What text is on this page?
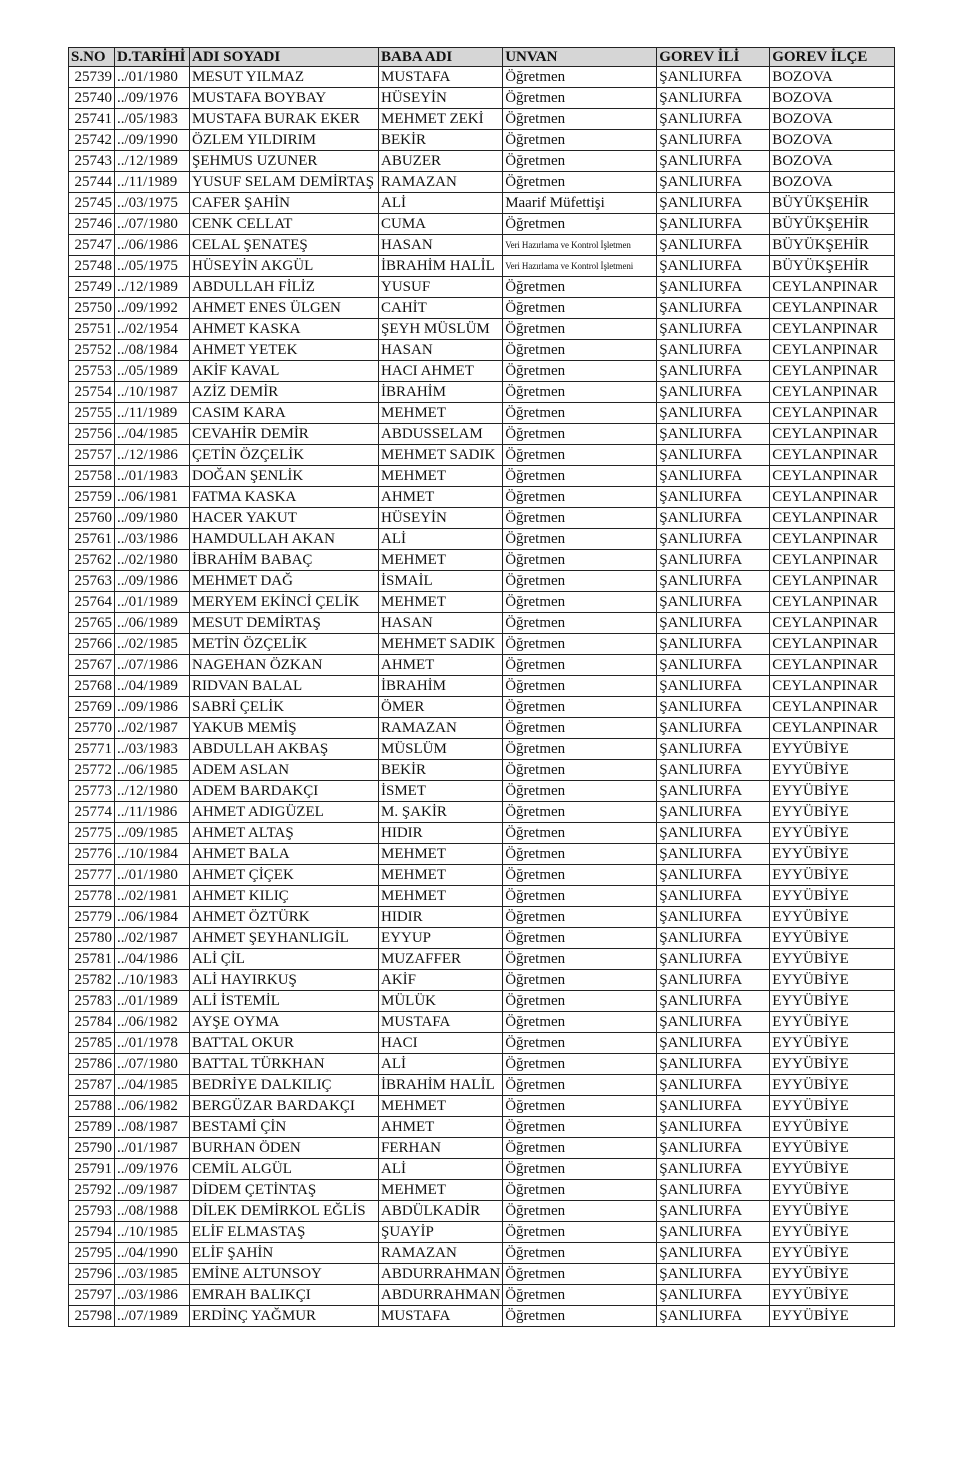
S.NO	D.TARİHİ	ADI SOYADI	BABA ADI	UNVAN	GOREV İLİ	GOREV İLÇE
25739	../01/1980	MESUT YILMAZ	MUSTAFA	Öğretmen	ŞANLIURFA	BOZOVA
25740	../09/1976	MUSTAFA BOYBAY	HÜSEYİN	Öğretmen	ŞANLIURFA	BOZOVA
25741	../05/1983	MUSTAFA BURAK EKER	MEHMET ZEKİ	Öğretmen	ŞANLIURFA	BOZOVA
25742	../09/1990	ÖZLEM YILDIRIM	BEKİR	Öğretmen	ŞANLIURFA	BOZOVA
25743	../12/1989	ŞEHMUS UZUNER	ABUZER	Öğretmen	ŞANLIURFA	BOZOVA
25744	../11/1989	YUSUF SELAM DEMİRTAŞ	RAMAZAN	Öğretmen	ŞANLIURFA	BOZOVA
25745	../03/1975	CAFER ŞAHİN	ALİ	Maarif Müfettişi	ŞANLIURFA	BÜYÜKŞEHİR
25746	../07/1980	CENK CELLAT	CUMA	Öğretmen	ŞANLIURFA	BÜYÜKŞEHİR
25747	../06/1986	CELAL ŞENATEŞ	HASAN	Veri Hazırlama ve Kontrol İşletmen	ŞANLIURFA	BÜYÜKŞEHİR
25748	../05/1975	HÜSEYİN AKGÜL	İBRAHİM HALİL	Veri Hazırlama ve Kontrol İşletmeni	ŞANLIURFA	BÜYÜKŞEHİR
25749	../12/1989	ABDULLAH FİLİZ	YUSUF	Öğretmen	ŞANLIURFA	CEYLANPINAR
25750	../09/1992	AHMET ENES ÜLGEN	CAHİT	Öğretmen	ŞANLIURFA	CEYLANPINAR
25751	../02/1954	AHMET KASKA	ŞEYH MÜSLÜM	Öğretmen	ŞANLIURFA	CEYLANPINAR
25752	../08/1984	AHMET YETEK	HASAN	Öğretmen	ŞANLIURFA	CEYLANPINAR
25753	../05/1989	AKİF KAVAL	HACI AHMET	Öğretmen	ŞANLIURFA	CEYLANPINAR
25754	../10/1987	AZİZ DEMİR	İBRAHİM	Öğretmen	ŞANLIURFA	CEYLANPINAR
25755	../11/1989	CASIM KARA	MEHMET	Öğretmen	ŞANLIURFA	CEYLANPINAR
25756	../04/1985	CEVAHİR DEMİR	ABDUSSELAM	Öğretmen	ŞANLIURFA	CEYLANPINAR
25757	../12/1986	ÇETİN ÖZÇELİK	MEHMET SADIK	Öğretmen	ŞANLIURFA	CEYLANPINAR
25758	../01/1983	DOĞAN ŞENLİK	MEHMET	Öğretmen	ŞANLIURFA	CEYLANPINAR
25759	../06/1981	FATMA KASKA	AHMET	Öğretmen	ŞANLIURFA	CEYLANPINAR
25760	../09/1980	HACER YAKUT	HÜSEYİN	Öğretmen	ŞANLIURFA	CEYLANPINAR
25761	../03/1986	HAMDULLAH AKAN	ALİ	Öğretmen	ŞANLIURFA	CEYLANPINAR
25762	../02/1980	İBRAHİM BABAÇ	MEHMET	Öğretmen	ŞANLIURFA	CEYLANPINAR
25763	../09/1986	MEHMET DAĞ	İSMAİL	Öğretmen	ŞANLIURFA	CEYLANPINAR
25764	../01/1989	MERYEM EKİNCİ ÇELİK	MEHMET	Öğretmen	ŞANLIURFA	CEYLANPINAR
25765	../06/1989	MESUT DEMİRTAŞ	HASAN	Öğretmen	ŞANLIURFA	CEYLANPINAR
25766	../02/1985	METİN ÖZÇELİK	MEHMET SADIK	Öğretmen	ŞANLIURFA	CEYLANPINAR
25767	../07/1986	NAGEHAN ÖZKAN	AHMET	Öğretmen	ŞANLIURFA	CEYLANPINAR
25768	../04/1989	RIDVAN BALAL	İBRAHİM	Öğretmen	ŞANLIURFA	CEYLANPINAR
25769	../09/1986	SABRİ ÇELİK	ÖMER	Öğretmen	ŞANLIURFA	CEYLANPINAR
25770	../02/1987	YAKUB MEMİŞ	RAMAZAN	Öğretmen	ŞANLIURFA	CEYLANPINAR
25771	../03/1983	ABDULLAH AKBAŞ	MÜSLÜM	Öğretmen	ŞANLIURFA	EYYÜBİYE
25772	../06/1985	ADEM ASLAN	BEKİR	Öğretmen	ŞANLIURFA	EYYÜBİYE
25773	../12/1980	ADEM BARDAKÇI	İSMET	Öğretmen	ŞANLIURFA	EYYÜBİYE
25774	../11/1986	AHMET ADIGÜZEL	M. ŞAKİR	Öğretmen	ŞANLIURFA	EYYÜBİYE
25775	../09/1985	AHMET ALTAŞ	HIDIR	Öğretmen	ŞANLIURFA	EYYÜBİYE
25776	../10/1984	AHMET BALA	MEHMET	Öğretmen	ŞANLIURFA	EYYÜBİYE
25777	../01/1980	AHMET ÇİÇEK	MEHMET	Öğretmen	ŞANLIURFA	EYYÜBİYE
25778	../02/1981	AHMET KILIÇ	MEHMET	Öğretmen	ŞANLIURFA	EYYÜBİYE
25779	../06/1984	AHMET ÖZTÜRK	HIDIR	Öğretmen	ŞANLIURFA	EYYÜBİYE
25780	../02/1987	AHMET ŞEYHANLIGİL	EYYUP	Öğretmen	ŞANLIURFA	EYYÜBİYE
25781	../04/1986	ALİ ÇİL	MUZAFFER	Öğretmen	ŞANLIURFA	EYYÜBİYE
25782	../10/1983	ALİ HAYIRKUŞ	AKİF	Öğretmen	ŞANLIURFA	EYYÜBİYE
25783	../01/1989	ALİ İSTEMİL	MÜLÜK	Öğretmen	ŞANLIURFA	EYYÜBİYE
25784	../06/1982	AYŞE OYMA	MUSTAFA	Öğretmen	ŞANLIURFA	EYYÜBİYE
25785	../01/1978	BATTAL OKUR	HACI	Öğretmen	ŞANLIURFA	EYYÜBİYE
25786	../07/1980	BATTAL TÜRKHAN	ALİ	Öğretmen	ŞANLIURFA	EYYÜBİYE
25787	../04/1985	BEDRİYE DALKILIÇ	İBRAHİM HALİL	Öğretmen	ŞANLIURFA	EYYÜBİYE
25788	../06/1982	BERGÜZAR BARDAKÇI	MEHMET	Öğretmen	ŞANLIURFA	EYYÜBİYE
25789	../08/1987	BESTAMİ ÇİN	AHMET	Öğretmen	ŞANLIURFA	EYYÜBİYE
25790	../01/1987	BURHAN ÖDEN	FERHAN	Öğretmen	ŞANLIURFA	EYYÜBİYE
25791	../09/1976	CEMİL ALGÜL	ALİ	Öğretmen	ŞANLIURFA	EYYÜBİYE
25792	../09/1987	DİDEM ÇETİNTAŞ	MEHMET	Öğretmen	ŞANLIURFA	EYYÜBİYE
25793	../08/1988	DİLEK DEMİRKOL EĞLİS	ABDÜLKADİR	Öğretmen	ŞANLIURFA	EYYÜBİYE
25794	../10/1985	ELİF ELMASTAŞ	ŞUAYİP	Öğretmen	ŞANLIURFA	EYYÜBİYE
25795	../04/1990	ELİF ŞAHİN	RAMAZAN	Öğretmen	ŞANLIURFA	EYYÜBİYE
25796	../03/1985	EMİNE ALTUNSOY	ABDURRAHMAN	Öğretmen	ŞANLIURFA	EYYÜBİYE
25797	../03/1986	EMRAH BALIKÇI	ABDURRAHMAN	Öğretmen	ŞANLIURFA	EYYÜBİYE
25798	../07/1989	ERDİNÇ YAĞMUR	MUSTAFA	Öğretmen	ŞANLIURFA	EYYÜBİYE
